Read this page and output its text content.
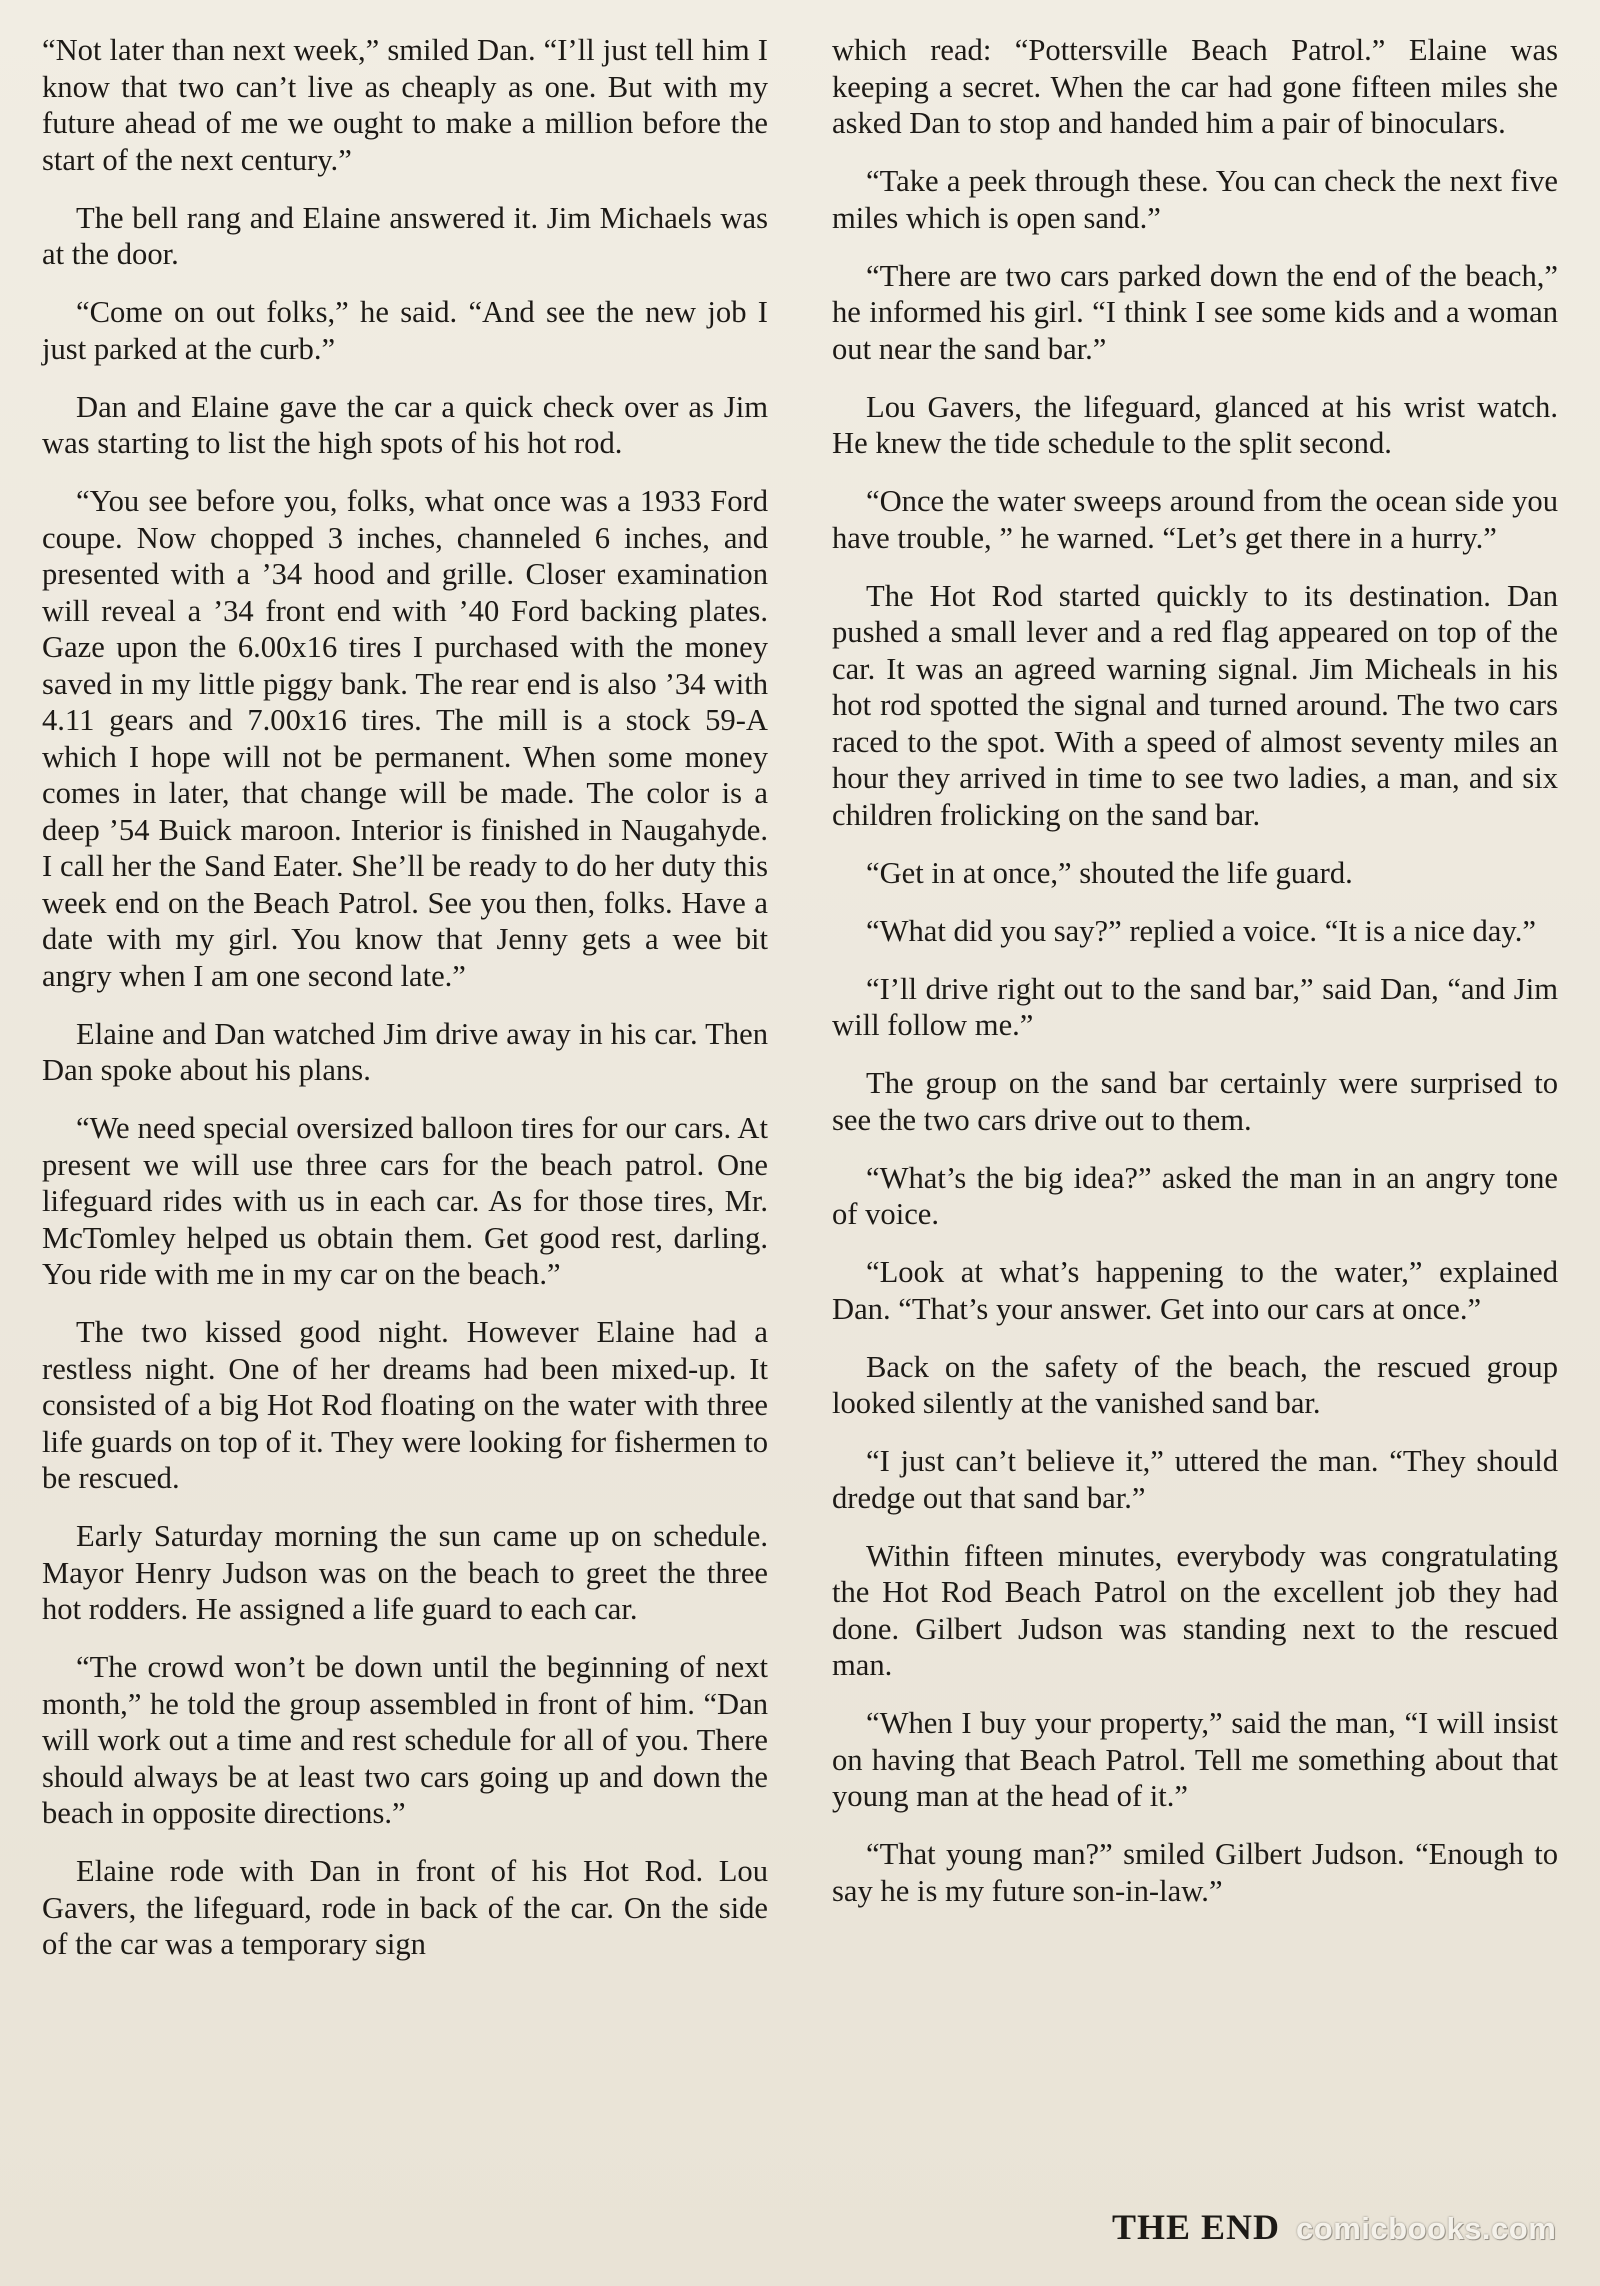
“Not later than next week,” smiled Dan. “I’ll just tell him I know that two can’t live as cheaply as one. But with my future ahead of me we ought to make a million before the start of the next century.”

The bell rang and Elaine answered it. Jim Michaels was at the door.

“Come on out folks,” he said. “And see the new job I just parked at the curb.”

Dan and Elaine gave the car a quick check over as Jim was starting to list the high spots of his hot rod.

“You see before you, folks, what once was a 1933 Ford coupe. Now chopped 3 inches, channeled 6 inches, and presented with a ’34 hood and grille. Closer examination will reveal a ’34 front end with ’40 Ford backing plates. Gaze upon the 6.00x16 tires I purchased with the money saved in my little piggy bank. The rear end is also ’34 with 4.11 gears and 7.00x16 tires. The mill is a stock 59-A which I hope will not be permanent. When some money comes in later, that change will be made. The color is a deep ’54 Buick maroon. Interior is finished in Naugahyde. I call her the Sand Eater. She’ll be ready to do her duty this week end on the Beach Patrol. See you then, folks. Have a date with my girl. You know that Jenny gets a wee bit angry when I am one second late.”

Elaine and Dan watched Jim drive away in his car. Then Dan spoke about his plans.

“We need special oversized balloon tires for our cars. At present we will use three cars for the beach patrol. One lifeguard rides with us in each car. As for those tires, Mr. McTomley helped us obtain them. Get good rest, darling. You ride with me in my car on the beach.”

The two kissed good night. However Elaine had a restless night. One of her dreams had been mixed-up. It consisted of a big Hot Rod floating on the water with three life guards on top of it. They were looking for fishermen to be rescued.

Early Saturday morning the sun came up on schedule. Mayor Henry Judson was on the beach to greet the three hot rodders. He assigned a life guard to each car.

“The crowd won’t be down until the beginning of next month,” he told the group assembled in front of him. “Dan will work out a time and rest schedule for all of you. There should always be at least two cars going up and down the beach in opposite directions.”

Elaine rode with Dan in front of his Hot Rod. Lou Gavers, the lifeguard, rode in back of the car. On the side of the car was a temporary sign

which read: “Pottersville Beach Patrol.” Elaine was keeping a secret. When the car had gone fifteen miles she asked Dan to stop and handed him a pair of binoculars.

“Take a peek through these. You can check the next five miles which is open sand.”

“There are two cars parked down the end of the beach,” he informed his girl. “I think I see some kids and a woman out near the sand bar.”

Lou Gavers, the lifeguard, glanced at his wrist watch. He knew the tide schedule to the split second.

“Once the water sweeps around from the ocean side you have trouble, ” he warned. “Let’s get there in a hurry.”

The Hot Rod started quickly to its destination. Dan pushed a small lever and a red flag appeared on top of the car. It was an agreed warning signal. Jim Micheals in his hot rod spotted the signal and turned around. The two cars raced to the spot. With a speed of almost seventy miles an hour they arrived in time to see two ladies, a man, and six children frolicking on the sand bar.

“Get in at once,” shouted the life guard.

“What did you say?” replied a voice. “It is a nice day.”

“I’ll drive right out to the sand bar,” said Dan, “and Jim will follow me.”

The group on the sand bar certainly were surprised to see the two cars drive out to them.

“What’s the big idea?” asked the man in an angry tone of voice.

“Look at what’s happening to the water,” explained Dan. “That’s your answer. Get into our cars at once.”

Back on the safety of the beach, the rescued group looked silently at the vanished sand bar.

“I just can’t believe it,” uttered the man. “They should dredge out that sand bar.”

Within fifteen minutes, everybody was congratulating the Hot Rod Beach Patrol on the excellent job they had done. Gilbert Judson was standing next to the rescued man.

“When I buy your property,” said the man, “I will insist on having that Beach Patrol. Tell me something about that young man at the head of it.”

“That young man?” smiled Gilbert Judson. “Enough to say he is my future son-in-law.”

THE END comicbooks.com
